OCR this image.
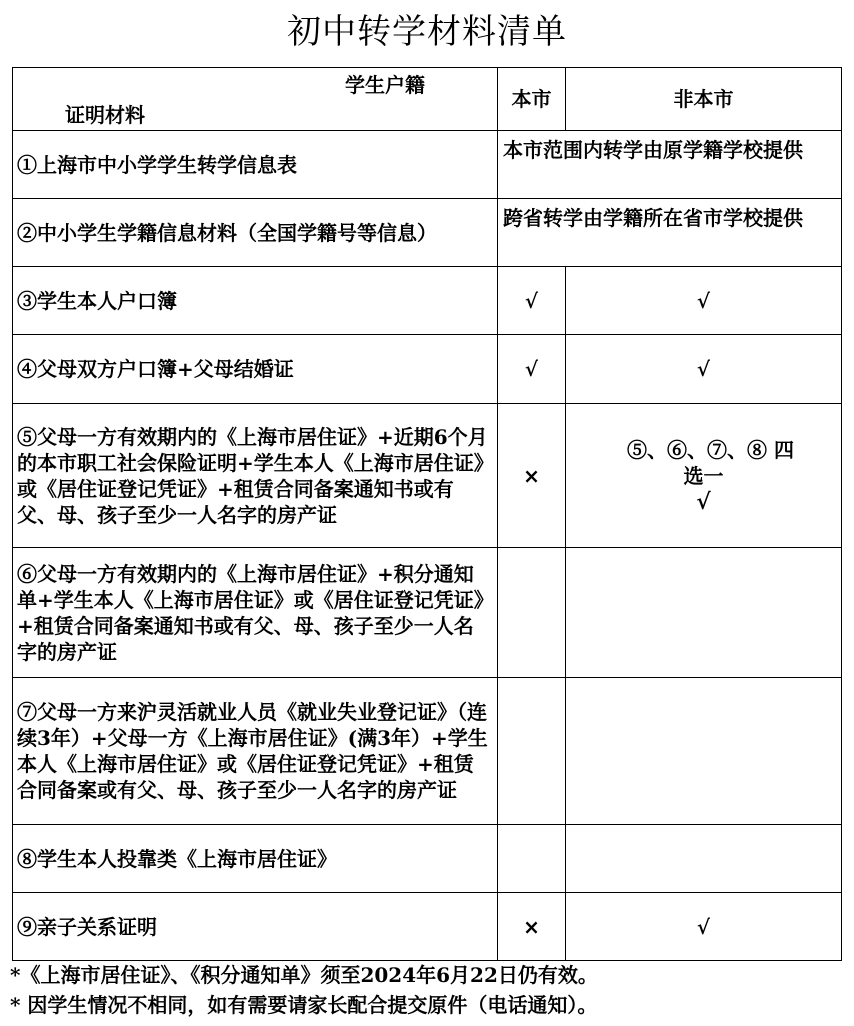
初中转学材料清单
学生户籍
证明材料	本市	非本市
①上海市中小学学生转学信息表	本市范围内转学由原学籍学校提供	
②中小学生学籍信息材料（全国学籍号等信息）	跨省转学由学籍所在省市学校提供	
③学生本人户口簿	√	√
④父母双方户口簿+父母结婚证	√	√
⑤父母一方有效期内的《上海市居住证》+近期6个月的本市职工社会保险证明+学生本人《上海市居住证》或《居住证登记凭证》+租赁合同备案通知书或有父、母、孩子至少一人名字的房产证	×	⑤、⑥、⑦、⑧ 四
选一
√

⑥父母一方有效期内的《上海市居住证》+积分通知单+学生本人《上海市居住证》或《居住证登记凭证》+租赁合同备案通知书或有父、母、孩子至少一人名字的房产证		
⑦父母一方来沪灵活就业人员《就业失业登记证》（连续3年）+父母一方《上海市居住证》(满3年）+学生本人《上海市居住证》或《居住证登记凭证》+租赁合同备案或有父、母、孩子至少一人名字的房产证		
⑧学生本人投靠类《上海市居住证》		
⑨亲子关系证明	×	√
*《上海市居住证》、《积分通知单》须至2024年6月22日仍有效。
* 因学生情况不相同，如有需要请家长配合提交原件（电话通知）。
